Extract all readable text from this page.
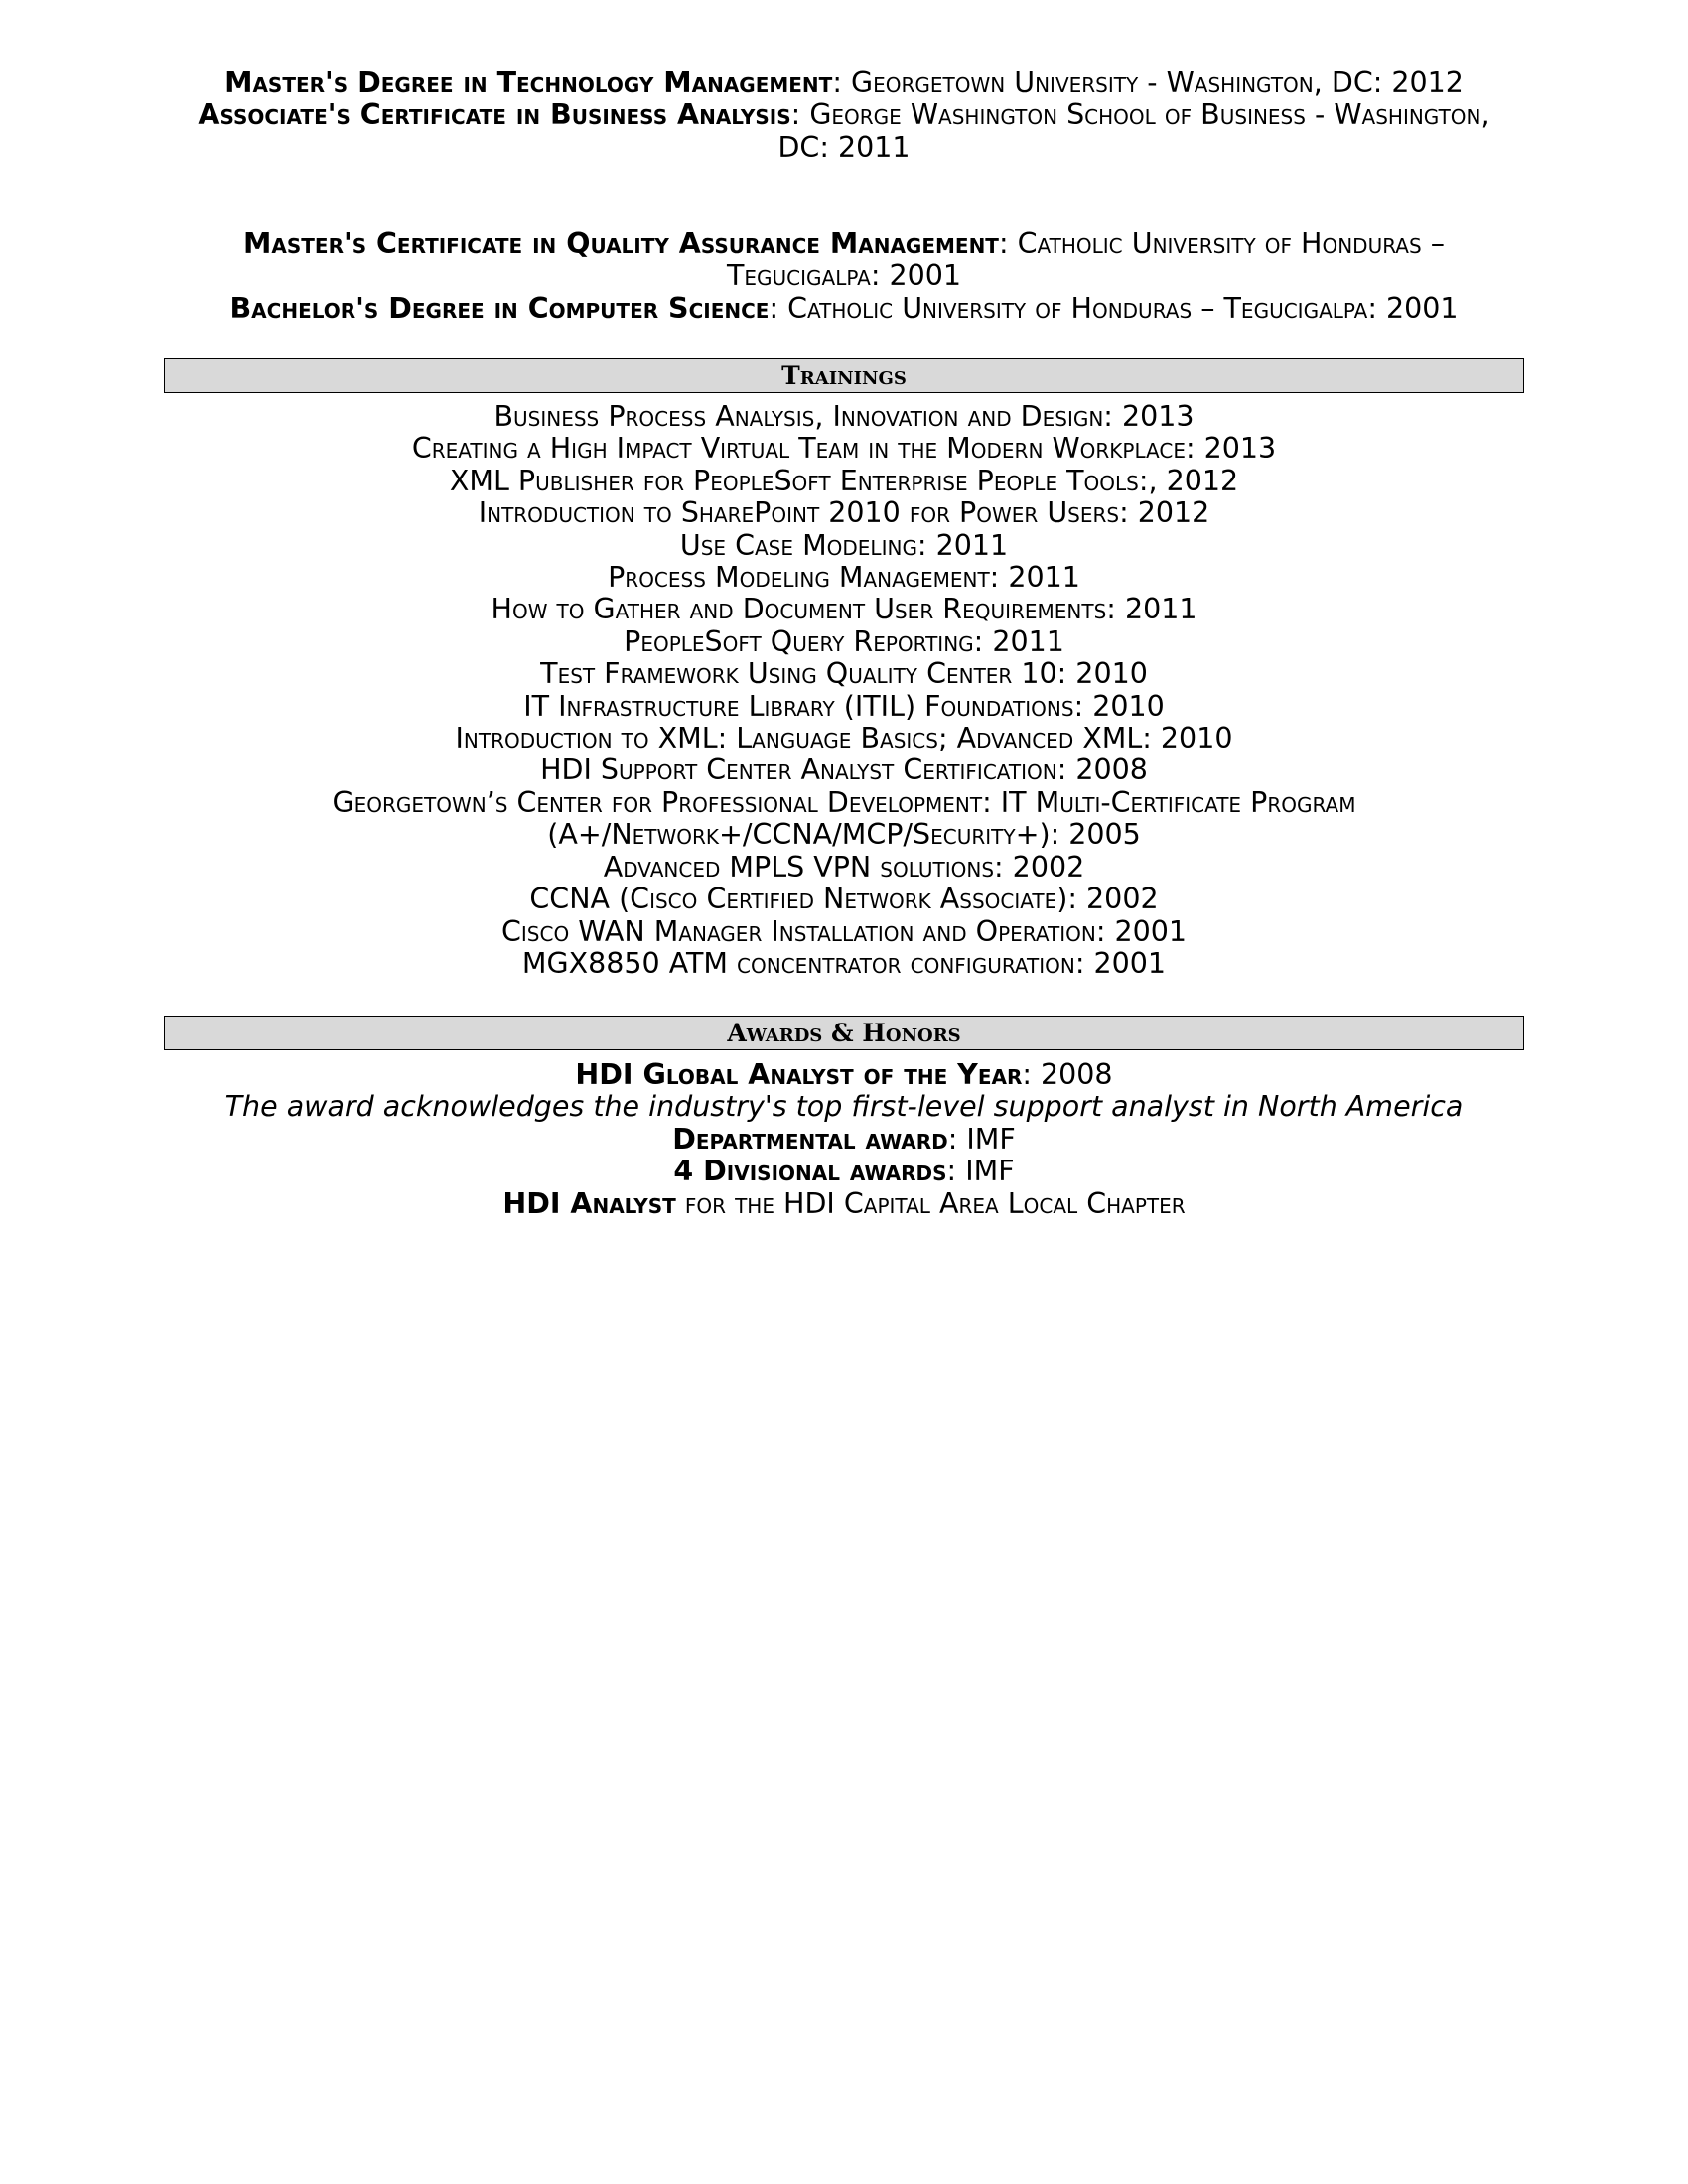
Master's Degree in Technology Management: Georgetown University - Washington, DC: 2012
Associate's Certificate in Business Analysis: George Washington School of Business - Washington, DC: 2011
Master's Certificate in Quality Assurance Management: Catholic University of Honduras – Tegucigalpa: 2001
Bachelor's Degree in Computer Science: Catholic University of Honduras – Tegucigalpa: 2001
Trainings
Business Process Analysis, Innovation and Design: 2013
Creating a High Impact Virtual Team in the Modern Workplace: 2013
XML Publisher for PeopleSoft Enterprise People Tools:, 2012
Introduction to SharePoint 2010 for Power Users: 2012
Use Case Modeling: 2011
Process Modeling Management: 2011
How to Gather and Document User Requirements: 2011
PeopleSoft Query Reporting: 2011
Test Framework Using Quality Center 10: 2010
IT Infrastructure Library (ITIL) Foundations: 2010
Introduction to XML: Language Basics; Advanced XML: 2010
HDI Support Center Analyst Certification: 2008
Georgetown’s Center for Professional Development: IT Multi-Certificate Program
(A+/Network+/CCNA/MCP/Security+): 2005
Advanced MPLS VPN solutions: 2002
CCNA (Cisco Certified Network Associate): 2002
Cisco WAN Manager Installation and Operation: 2001
MGX8850 ATM concentrator configuration: 2001
Awards & Honors
HDI Global Analyst of the Year: 2008
The award acknowledges the industry's top first-level support analyst in North America
Departmental award: IMF
4 Divisional awards: IMF
HDI Analyst for the HDI Capital Area Local Chapter
